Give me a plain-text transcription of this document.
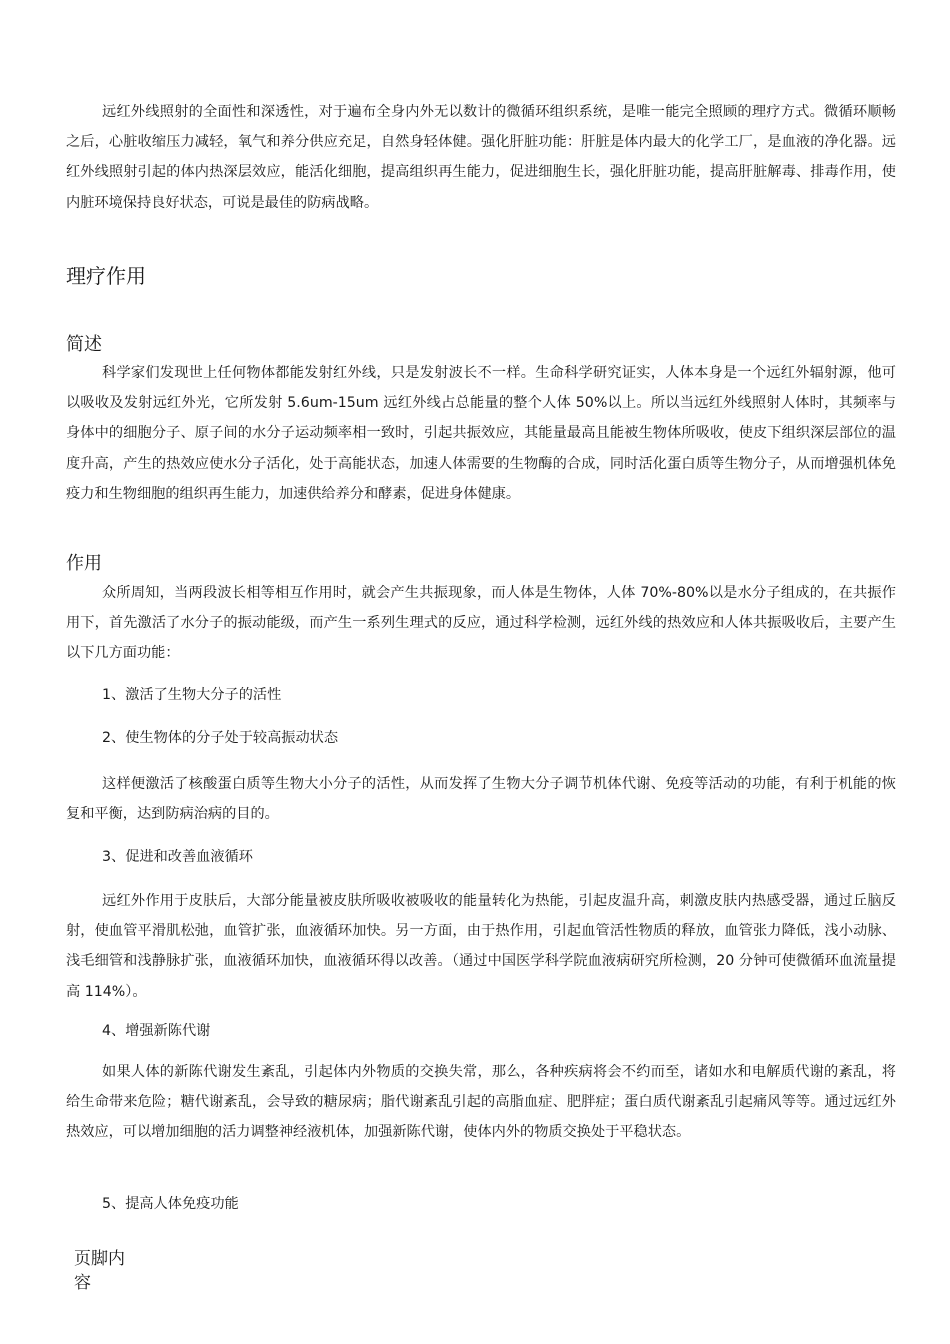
远红外线照射的全面性和深透性，对于遍布全身内外无以数计的微循环组织系统，是唯一能完全照顾的理疗方式。微循环顺畅之后，心脏收缩压力减轻，氧气和养分供应充足，自然身轻体健。强化肝脏功能：肝脏是体内最大的化学工厂，是血液的净化器。远红外线照射引起的体内热深层效应，能活化细胞，提高组织再生能力，促进细胞生长，强化肝脏功能，提高肝脏解毒、排毒作用，使内脏环境保持良好状态，可说是最佳的防病战略。

理疗作用
简述

科学家们发现世上任何物体都能发射红外线，只是发射波长不一样。生命科学研究证实，人体本身是一个远红外辐射源，他可以吸收及发射远红外光，它所发射 5.6um-15um 远红外线占总能量的整个人体 50%以上。所以当远红外线照射人体时，其频率与身体中的细胞分子、原子间的水分子运动频率相一致时，引起共振效应，其能量最高且能被生物体所吸收，使皮下组织深层部位的温度升高，产生的热效应使水分子活化，处于高能状态，加速人体需要的生物酶的合成，同时活化蛋白质等生物分子，从而增强机体免疫力和生物细胞的组织再生能力，加速供给养分和酵素，促进身体健康。

作用

众所周知，当两段波长相等相互作用时，就会产生共振现象，而人体是生物体，人体 70%-80%以是水分子组成的，在共振作用下，首先激活了水分子的振动能级，而产生一系列生理式的反应，通过科学检测，远红外线的热效应和人体共振吸收后，主要产生以下几方面功能：

1、激活了生物大分子的活性

2、使生物体的分子处于较高振动状态

这样便激活了核酸蛋白质等生物大小分子的活性，从而发挥了生物大分子调节机体代谢、免疫等活动的功能，有利于机能的恢复和平衡，达到防病治病的目的。

3、促进和改善血液循环

远红外作用于皮肤后，大部分能量被皮肤所吸收被吸收的能量转化为热能，引起皮温升高，刺激皮肤内热感受器，通过丘脑反射，使血管平滑肌松弛，血管扩张，血液循环加快。另一方面，由于热作用，引起血管活性物质的释放，血管张力降低，浅小动脉、浅毛细管和浅静脉扩张，血液循环加快，血液循环得以改善。（通过中国医学科学院血液病研究所检测，20 分钟可使微循环血流量提高 114%）。

4、增强新陈代谢

如果人体的新陈代谢发生紊乱，引起体内外物质的交换失常，那么，各种疾病将会不约而至，诸如水和电解质代谢的紊乱，将给生命带来危险；糖代谢紊乱，会导致的糖尿病；脂代谢紊乱引起的高脂血症、肥胖症；蛋白质代谢紊乱引起痛风等等。通过远红外热效应，可以增加细胞的活力调整神经液机体，加强新陈代谢，使体内外的物质交换处于平稳状态。

5、提高人体免疫功能

页脚内容
